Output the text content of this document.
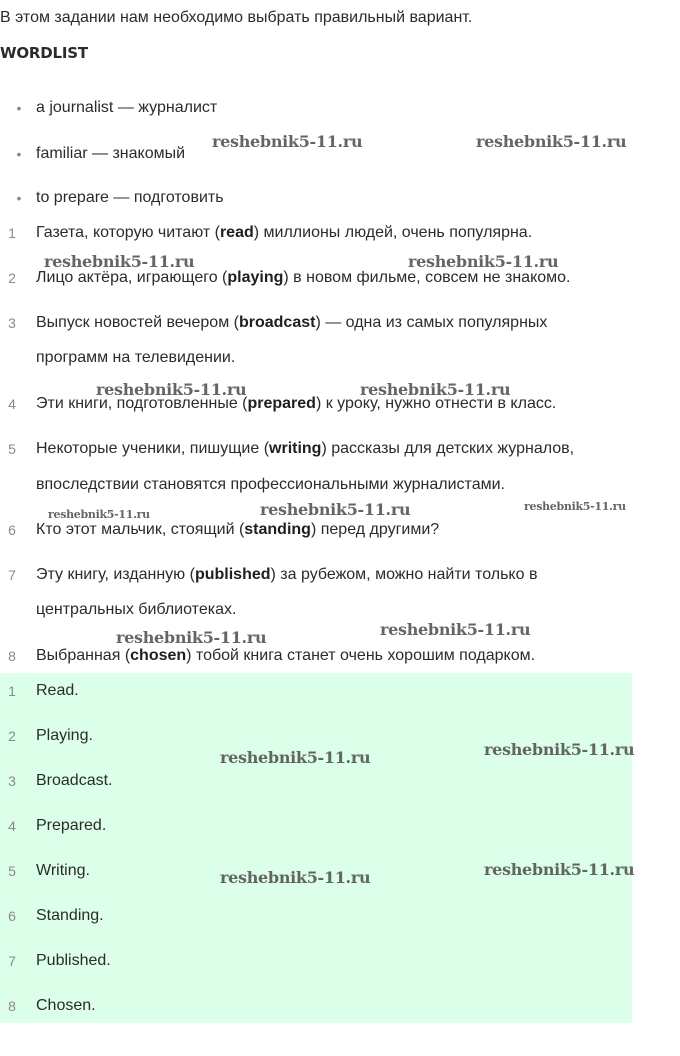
В этом задании нам необходимо выбрать правильный вариант.
WORDLIST
• a journalist — журналист
• familiar — знакомый
• to prepare — подготовить
1	Газета, которую читают (read) миллионы людей, очень популярна.
2	Лицо актёра, играющего (playing) в новом фильме, совсем не знакомо.
3	Выпуск новостей вечером (broadcast) — одна из самых популярных
программ на телевидении.
4	Эти книги, подготовленные (prepared) к уроку, нужно отнести в класс.
5	Некоторые ученики, пишущие (writing) рассказы для детских журналов,
впоследствии становятся профессиональными журналистами.
6	Кто этот мальчик, стоящий (standing) перед другими?
7	Эту книгу, изданную (published) за рубежом, можно найти только в
центральных библиотеках.
8	Выбранная (chosen) тобой книга станет очень хорошим подарком.
1	Read.
2	Playing.
3	Broadcast.
4	Prepared.
5	Writing.
6	Standing.
7	Published.
8	Chosen.
reshebnik5-11.ru	reshebnik5-11.ru
reshebnik5-11.ru	reshebnik5-11.ru
reshebnik5-11.ru	reshebnik5-11.ru
reshebnik5-11.ru
reshebnik5-11.ru
reshebnik5-11.ru
reshebnik5-11.ru	reshebnik5-11.ru
reshebnik5-11.ru	reshebnik5-11.ru
reshebnik5-11.ru	reshebnik5-11.ru
